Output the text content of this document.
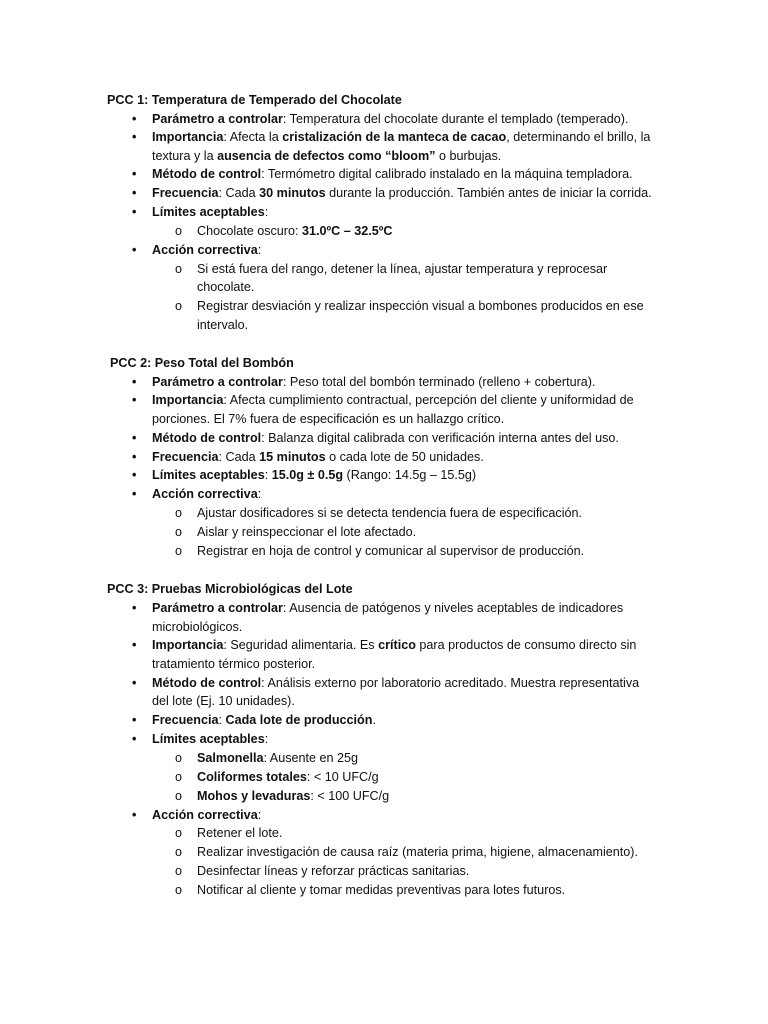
PCC 1: Temperatura de Temperado del Chocolate
• Parámetro a controlar: Temperatura del chocolate durante el templado (temperado).
• Importancia: Afecta la cristalización de la manteca de cacao, determinando el brillo, la
textura y la ausencia de defectos como “bloom” o burbujas.
• Método de control: Termómetro digital calibrado instalado en la máquina templadora.
• Frecuencia: Cada 30 minutos durante la producción. También antes de iniciar la corrida.
• Límites aceptables:
o Chocolate oscuro: 31.0ºC – 32.5ºC
• Acción correctiva:
o Si está fuera del rango, detener la línea, ajustar temperatura y reprocesar
chocolate.
o Registrar desviación y realizar inspección visual a bombones producidos en ese
intervalo.
PCC 2: Peso Total del Bombón
• Parámetro a controlar: Peso total del bombón terminado (relleno + cobertura).
• Importancia: Afecta cumplimiento contractual, percepción del cliente y uniformidad de
porciones. El 7% fuera de especificación es un hallazgo crítico.
• Método de control: Balanza digital calibrada con verificación interna antes del uso.
• Frecuencia: Cada 15 minutos o cada lote de 50 unidades.
• Límites aceptables: 15.0g ± 0.5g (Rango: 14.5g – 15.5g)
• Acción correctiva:
o Ajustar dosificadores si se detecta tendencia fuera de especificación.
o Aislar y reinspeccionar el lote afectado.
o Registrar en hoja de control y comunicar al supervisor de producción.
PCC 3: Pruebas Microbiológicas del Lote
• Parámetro a controlar: Ausencia de patógenos y niveles aceptables de indicadores
microbiológicos.
• Importancia: Seguridad alimentaria. Es crítico para productos de consumo directo sin
tratamiento térmico posterior.
• Método de control: Análisis externo por laboratorio acreditado. Muestra representativa
del lote (Ej. 10 unidades).
• Frecuencia: Cada lote de producción.
• Límites aceptables:
o Salmonella: Ausente en 25g
o Coliformes totales: < 10 UFC/g
o Mohos y levaduras: < 100 UFC/g
• Acción correctiva:
o Retener el lote.
o Realizar investigación de causa raíz (materia prima, higiene, almacenamiento).
o Desinfectar líneas y reforzar prácticas sanitarias.
o Notificar al cliente y tomar medidas preventivas para lotes futuros.
